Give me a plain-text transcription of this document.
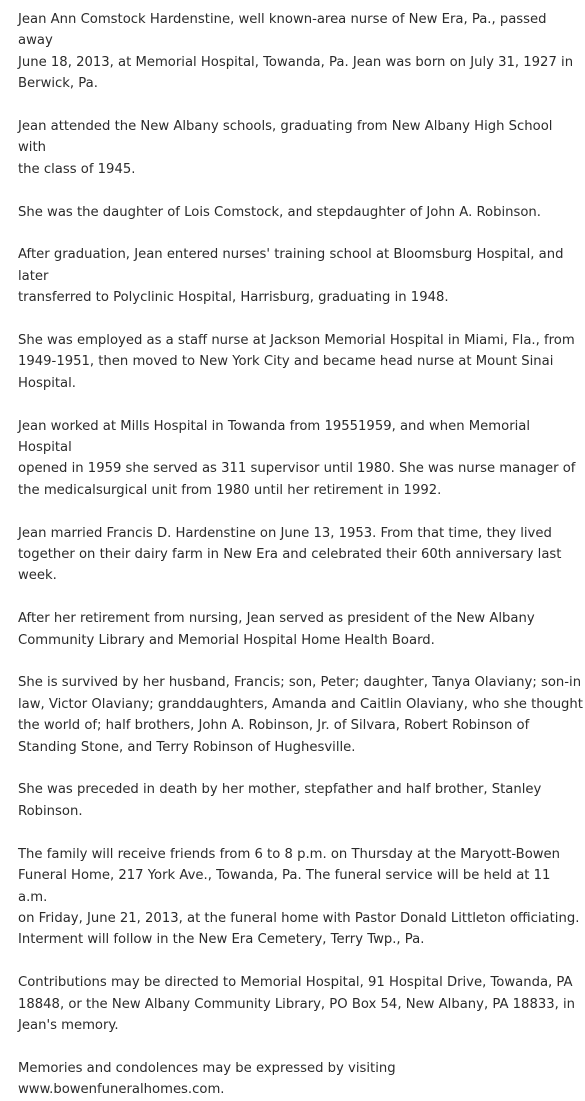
Jean Ann Comstock Hardenstine, well known-area nurse of New Era, Pa., passed away
June 18, 2013, at Memorial Hospital, Towanda, Pa. Jean was born on July 31, 1927 in
Berwick, Pa.

Jean attended the New Albany schools, graduating from New Albany High School with
the class of 1945.

She was the daughter of Lois Comstock, and stepdaughter of John A. Robinson.

After graduation, Jean entered nurses' training school at Bloomsburg Hospital, and later
transferred to Polyclinic Hospital, Harrisburg, graduating in 1948.

She was employed as a staff nurse at Jackson Memorial Hospital in Miami, Fla., from
1949-1951, then moved to New York City and became head nurse at Mount Sinai
Hospital.

Jean worked at Mills Hospital in Towanda from 19551959, and when Memorial Hospital
opened in 1959 she served as 311 supervisor until 1980. She was nurse manager of
the medicalsurgical unit from 1980 until her retirement in 1992.

Jean married Francis D. Hardenstine on June 13, 1953. From that time, they lived
together on their dairy farm in New Era and celebrated their 60th anniversary last
week.

After her retirement from nursing, Jean served as president of the New Albany
Community Library and Memorial Hospital Home Health Board.

She is survived by her husband, Francis; son, Peter; daughter, Tanya Olaviany; son-in
law, Victor Olaviany; granddaughters, Amanda and Caitlin Olaviany, who she thought
the world of; half brothers, John A. Robinson, Jr. of Silvara, Robert Robinson of
Standing Stone, and Terry Robinson of Hughesville.

She was preceded in death by her mother, stepfather and half brother, Stanley
Robinson.

The family will receive friends from 6 to 8 p.m. on Thursday at the Maryott-Bowen
Funeral Home, 217 York Ave., Towanda, Pa. The funeral service will be held at 11 a.m.
on Friday, June 21, 2013, at the funeral home with Pastor Donald Littleton officiating.
Interment will follow in the New Era Cemetery, Terry Twp., Pa.

Contributions may be directed to Memorial Hospital, 91 Hospital Drive, Towanda, PA
18848, or the New Albany Community Library, PO Box 54, New Albany, PA 18833, in
Jean's memory.

Memories and condolences may be expressed by visiting
www.bowenfuneralhomes.com.
